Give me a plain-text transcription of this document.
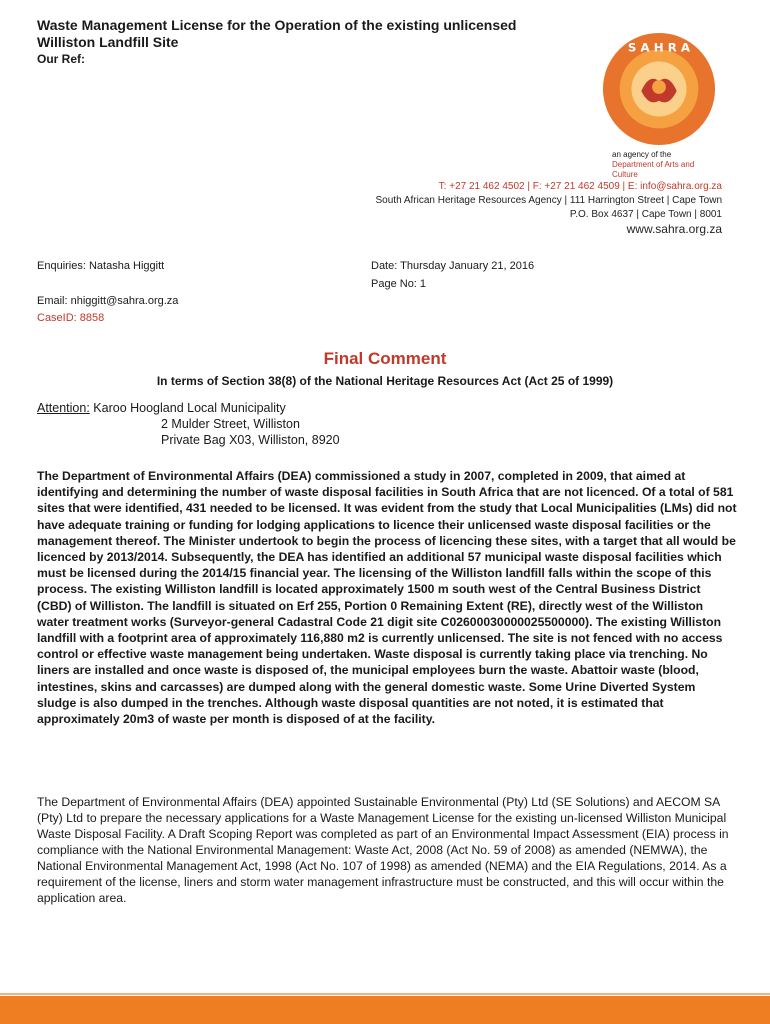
Waste Management License for the Operation of the existing unlicensed Williston Landfill Site
Our Ref:
S A H R A
an agency of the
Department of Arts and Culture
T: +27 21 462 4502 | F: +27 21 462 4509 | E: info@sahra.org.za
South African Heritage Resources Agency | 111 Harrington Street | Cape Town
P.O. Box 4637 | Cape Town | 8001
www.sahra.org.za
Enquiries: Natasha Higgitt	Date: Thursday January 21, 2016
Page No: 1
Email: nhiggitt@sahra.org.za
CaseID: 8858
Final Comment
In terms of Section 38(8) of the National Heritage Resources Act (Act 25 of 1999)
Attention: Karoo Hoogland Local Municipality
2 Mulder Street, Williston
Private Bag X03, Williston, 8920
The Department of Environmental Affairs (DEA) commissioned a study in 2007, completed in 2009, that aimed at identifying and determining the number of waste disposal facilities in South Africa that are not licenced. Of a total of 581 sites that were identified, 431 needed to be licensed. It was evident from the study that Local Municipalities (LMs) did not have adequate training or funding for lodging applications to licence their unlicensed waste disposal facilities or the management thereof. The Minister undertook to begin the process of licencing these sites, with a target that all would be licenced by 2013/2014. Subsequently, the DEA has identified an additional 57 municipal waste disposal facilities which must be licensed during the 2014/15 financial year. The licensing of the Williston landfill falls within the scope of this process. The existing Williston landfill is located approximately 1500 m south west of the Central Business District (CBD) of Williston. The landfill is situated on Erf 255, Portion 0 Remaining Extent (RE), directly west of the Williston water treatment works (Surveyor-general Cadastral Code 21 digit site C02600030000025500000). The existing Williston landfill with a footprint area of approximately 116,880 m2 is currently unlicensed. The site is not fenced with no access control or effective waste management being undertaken. Waste disposal is currently taking place via trenching. No liners are installed and once waste is disposed of, the municipal employees burn the waste. Abattoir waste (blood, intestines, skins and carcasses) are dumped along with the general domestic waste. Some Urine Diverted System sludge is also dumped in the trenches. Although waste disposal quantities are not noted, it is estimated that approximately 20m3 of waste per month is disposed of at the facility.
The Department of Environmental Affairs (DEA) appointed Sustainable Environmental (Pty) Ltd (SE Solutions) and AECOM SA (Pty) Ltd to prepare the necessary applications for a Waste Management License for the existing un-licensed Williston Municipal Waste Disposal Facility. A Draft Scoping Report was completed as part of an Environmental Impact Assessment (EIA) process in compliance with the National Environmental Management: Waste Act, 2008 (Act No. 59 of 2008) as amended (NEMWA), the National Environmental Management Act, 1998 (Act No. 107 of 1998) as amended (NEMA) and the EIA Regulations, 2014. As a requirement of the license, liners and storm water management infrastructure must be constructed, and this will occur within the application area.
